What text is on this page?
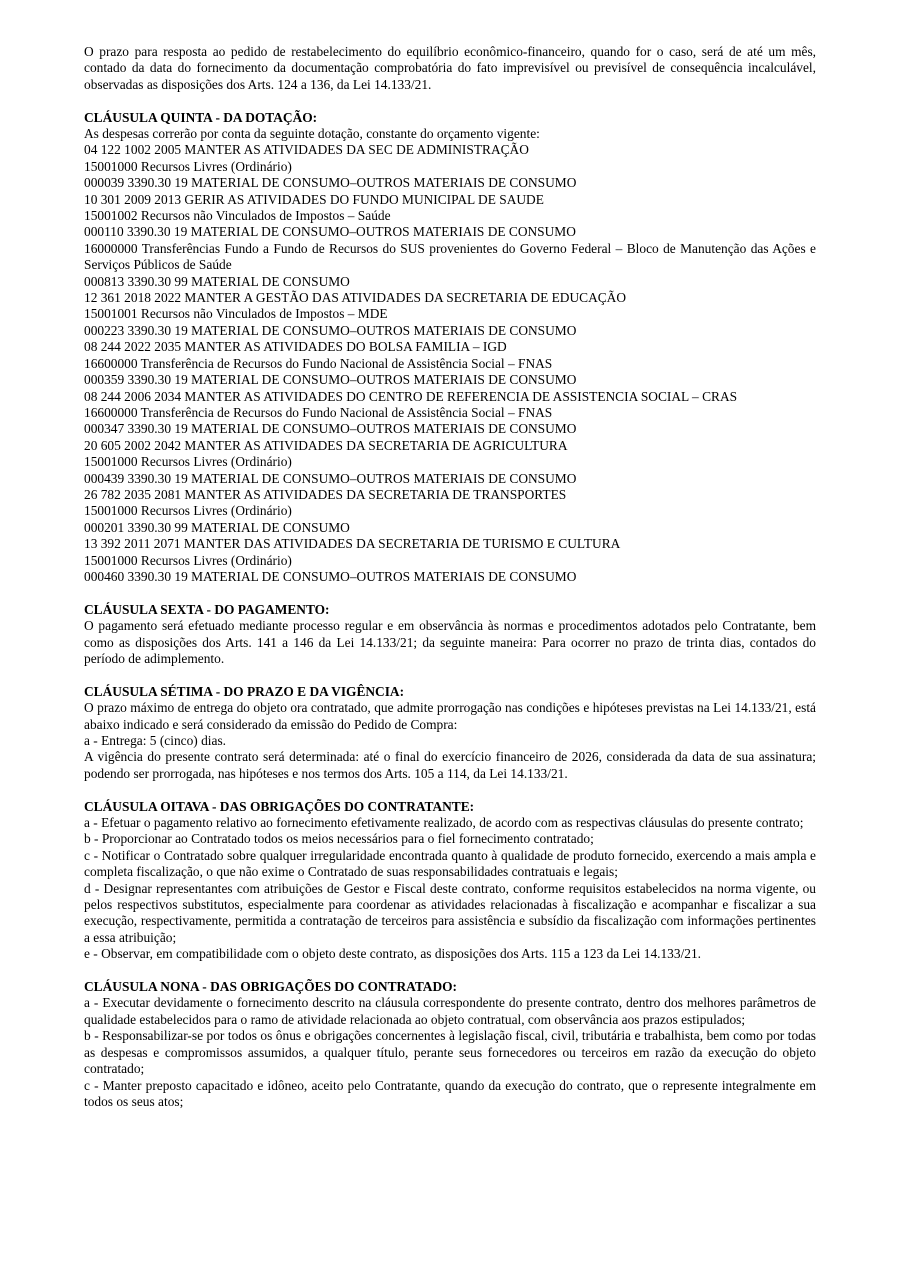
O prazo para resposta ao pedido de restabelecimento do equilíbrio econômico-financeiro, quando for o caso, será de até um mês, contado da data do fornecimento da documentação comprobatória do fato imprevisível ou previsível de consequência incalculável, observadas as disposições dos Arts. 124 a 136, da Lei 14.133/21.

CLÁUSULA QUINTA - DA DOTAÇÃO:

As despesas correrão por conta da seguinte dotação, constante do orçamento vigente:

04 122 1002 2005 MANTER AS ATIVIDADES DA SEC DE ADMINISTRAÇÃO

15001000 Recursos Livres (Ordinário)

000039 3390.30 19 MATERIAL DE CONSUMO–OUTROS MATERIAIS DE CONSUMO

10 301 2009 2013 GERIR AS ATIVIDADES DO FUNDO MUNICIPAL DE SAUDE

15001002 Recursos não Vinculados de Impostos – Saúde

000110 3390.30 19 MATERIAL DE CONSUMO–OUTROS MATERIAIS DE CONSUMO

16000000 Transferências Fundo a Fundo de Recursos do SUS provenientes do Governo Federal – Bloco de Manutenção das Ações e Serviços Públicos de Saúde

000813 3390.30 99 MATERIAL DE CONSUMO

12 361 2018 2022 MANTER A GESTÃO DAS ATIVIDADES DA SECRETARIA DE EDUCAÇÃO

15001001 Recursos não Vinculados de Impostos – MDE

000223 3390.30 19 MATERIAL DE CONSUMO–OUTROS MATERIAIS DE CONSUMO

08 244 2022 2035 MANTER AS ATIVIDADES DO BOLSA FAMILIA – IGD

16600000 Transferência de Recursos do Fundo Nacional de Assistência Social – FNAS

000359 3390.30 19 MATERIAL DE CONSUMO–OUTROS MATERIAIS DE CONSUMO

08 244 2006 2034 MANTER AS ATIVIDADES DO CENTRO DE REFERENCIA DE ASSISTENCIA SOCIAL – CRAS

16600000 Transferência de Recursos do Fundo Nacional de Assistência Social – FNAS

000347 3390.30 19 MATERIAL DE CONSUMO–OUTROS MATERIAIS DE CONSUMO

20 605 2002 2042 MANTER AS ATIVIDADES DA SECRETARIA DE AGRICULTURA

15001000 Recursos Livres (Ordinário)

000439 3390.30 19 MATERIAL DE CONSUMO–OUTROS MATERIAIS DE CONSUMO

26 782 2035 2081 MANTER AS ATIVIDADES DA SECRETARIA DE TRANSPORTES

15001000 Recursos Livres (Ordinário)

000201 3390.30 99 MATERIAL DE CONSUMO

13 392 2011 2071 MANTER DAS ATIVIDADES DA SECRETARIA DE TURISMO E CULTURA

15001000 Recursos Livres (Ordinário)

000460 3390.30 19 MATERIAL DE CONSUMO–OUTROS MATERIAIS DE CONSUMO

CLÁUSULA SEXTA - DO PAGAMENTO:

O pagamento será efetuado mediante processo regular e em observância às normas e procedimentos adotados pelo Contratante, bem como as disposições dos Arts. 141 a 146 da Lei 14.133/21; da seguinte maneira: Para ocorrer no prazo de trinta dias, contados do período de adimplemento.

CLÁUSULA SÉTIMA - DO PRAZO E DA VIGÊNCIA:

O prazo máximo de entrega do objeto ora contratado, que admite prorrogação nas condições e hipóteses previstas na Lei 14.133/21, está abaixo indicado e será considerado da emissão do Pedido de Compra:

a - Entrega: 5 (cinco) dias.

A vigência do presente contrato será determinada: até o final do exercício financeiro de 2026, considerada da data de sua assinatura; podendo ser prorrogada, nas hipóteses e nos termos dos Arts. 105 a 114, da Lei 14.133/21.

CLÁUSULA OITAVA - DAS OBRIGAÇÕES DO CONTRATANTE:

a - Efetuar o pagamento relativo ao fornecimento efetivamente realizado, de acordo com as respectivas cláusulas do presente contrato;

b - Proporcionar ao Contratado todos os meios necessários para o fiel fornecimento contratado;

c - Notificar o Contratado sobre qualquer irregularidade encontrada quanto à qualidade de produto fornecido, exercendo a mais ampla e completa fiscalização, o que não exime o Contratado de suas responsabilidades contratuais e legais;

d - Designar representantes com atribuições de Gestor e Fiscal deste contrato, conforme requisitos estabelecidos na norma vigente, ou pelos respectivos substitutos, especialmente para coordenar as atividades relacionadas à fiscalização e acompanhar e fiscalizar a sua execução, respectivamente, permitida a contratação de terceiros para assistência e subsídio da fiscalização com informações pertinentes a essa atribuição;

e - Observar, em compatibilidade com o objeto deste contrato, as disposições dos Arts. 115 a 123 da Lei 14.133/21.

CLÁUSULA NONA - DAS OBRIGAÇÕES DO CONTRATADO:

a - Executar devidamente o fornecimento descrito na cláusula correspondente do presente contrato, dentro dos melhores parâmetros de qualidade estabelecidos para o ramo de atividade relacionada ao objeto contratual, com observância aos prazos estipulados;

b - Responsabilizar-se por todos os ônus e obrigações concernentes à legislação fiscal, civil, tributária e trabalhista, bem como por todas as despesas e compromissos assumidos, a qualquer título, perante seus fornecedores ou terceiros em razão da execução do objeto contratado;

c - Manter preposto capacitado e idôneo, aceito pelo Contratante, quando da execução do contrato, que o represente integralmente em todos os seus atos;
